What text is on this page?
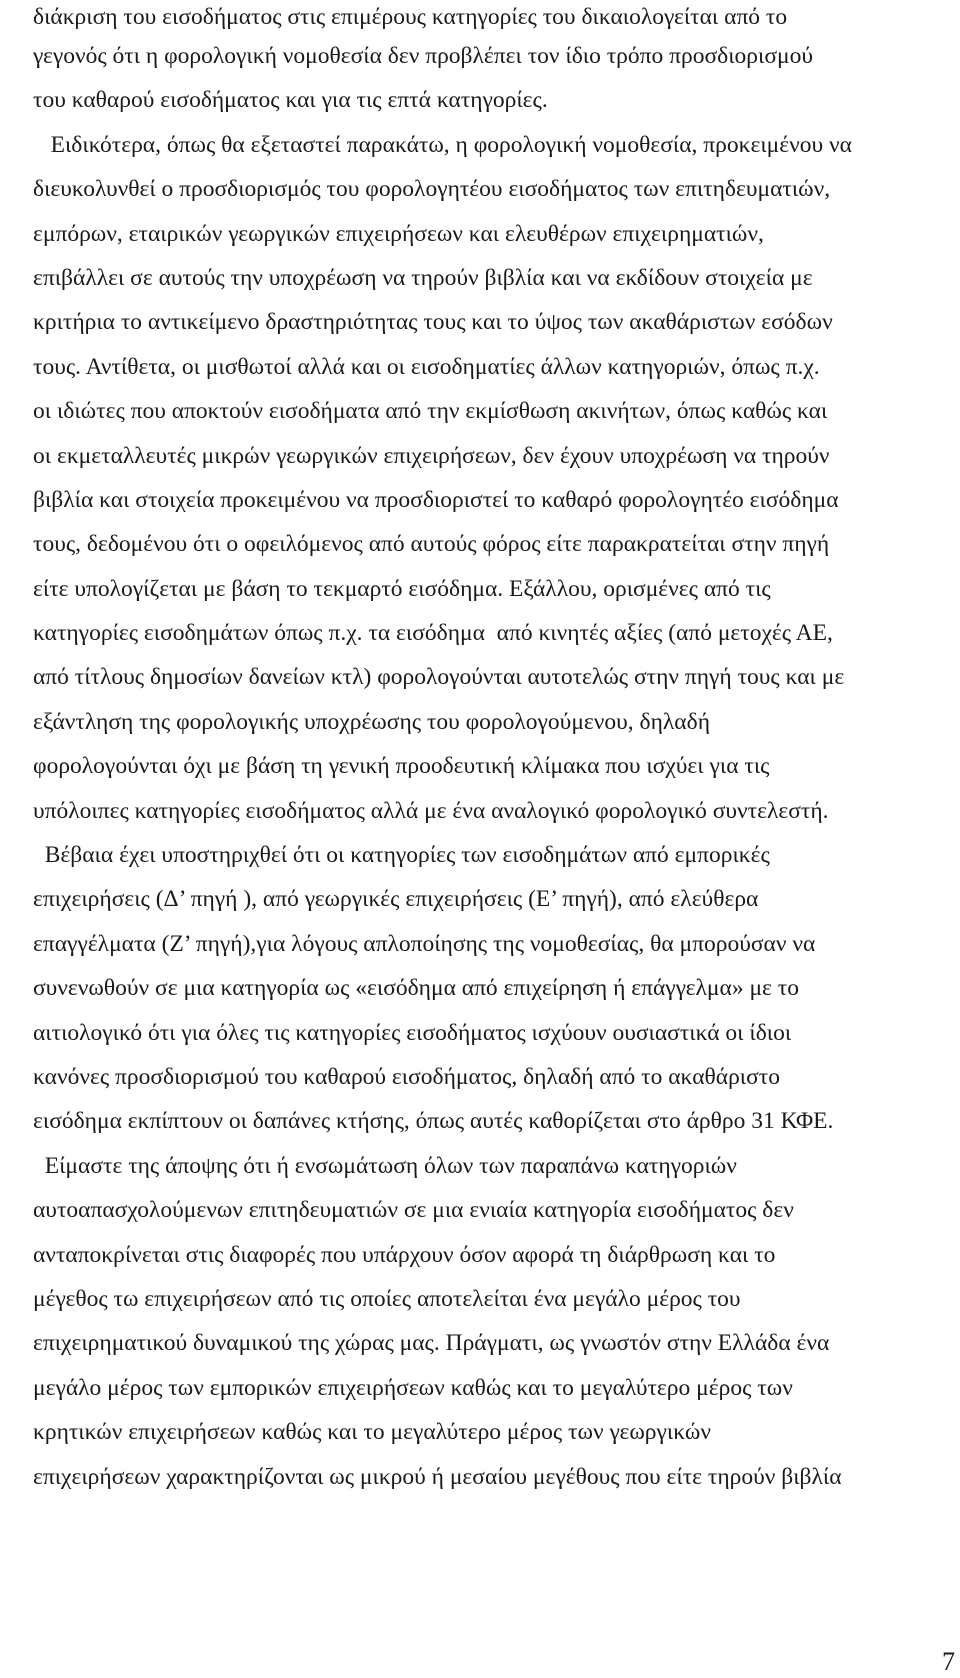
διάκριση του εισοδήματος στις επιμέρους κατηγορίες του δικαιολογείται από το
γεγονός ότι η φορολογική νομοθεσία δεν προβλέπει τον ίδιο τρόπο προσδιορισμού
του καθαρού εισοδήματος και για τις επτά κατηγορίες.
Ειδικότερα, όπως θα εξεταστεί παρακάτω, η φορολογική νομοθεσία, προκειμένου να
διευκολυνθεί ο προσδιορισμός του φορολογητέου εισοδήματος των επιτηδευματιών,
εμπόρων, εταιρικών γεωργικών επιχειρήσεων και ελευθέρων επιχειρηματιών,
επιβάλλει σε αυτούς την υποχρέωση να τηρούν βιβλία και να εκδίδουν στοιχεία με
κριτήρια το αντικείμενο δραστηριότητας τους και το ύψος των ακαθάριστων εσόδων
τους. Αντίθετα, οι μισθωτοί αλλά και οι εισοδηματίες άλλων κατηγοριών, όπως π.χ.
οι ιδιώτες που αποκτούν εισοδήματα από την εκμίσθωση ακινήτων, όπως καθώς και
οι εκμεταλλευτές μικρών γεωργικών επιχειρήσεων, δεν έχουν υποχρέωση να τηρούν
βιβλία και στοιχεία προκειμένου να προσδιοριστεί το καθαρό φορολογητέο εισόδημα
τους, δεδομένου ότι ο οφειλόμενος από αυτούς φόρος είτε παρακρατείται στην πηγή
είτε υπολογίζεται με βάση το τεκμαρτό εισόδημα. Εξάλλου, ορισμένες από τις
κατηγορίες εισοδημάτων όπως π.χ. τα εισόδημα  από κινητές αξίες (από μετοχές ΑΕ,
από τίτλους δημοσίων δανείων κτλ) φορολογούνται αυτοτελώς στην πηγή τους και με
εξάντληση της φορολογικής υποχρέωσης του φορολογούμενου, δηλαδή
φορολογούνται όχι με βάση τη γενική προοδευτική κλίμακα που ισχύει για τις
υπόλοιπες κατηγορίες εισοδήματος αλλά με ένα αναλογικό φορολογικό συντελεστή.
Βέβαια έχει υποστηριχθεί ότι οι κατηγορίες των εισοδημάτων από εμπορικές
επιχειρήσεις (Δ’ πηγή ), από γεωργικές επιχειρήσεις (Ε’ πηγή), από ελεύθερα
επαγγέλματα (Ζ’ πηγή),για λόγους απλοποίησης της νομοθεσίας, θα μπορούσαν να
συνενωθούν σε μια κατηγορία ως «εισόδημα από επιχείρηση ή επάγγελμα» με το
αιτιολογικό ότι για όλες τις κατηγορίες εισοδήματος ισχύουν ουσιαστικά οι ίδιοι
κανόνες προσδιορισμού του καθαρού εισοδήματος, δηλαδή από το ακαθάριστο
εισόδημα εκπίπτουν οι δαπάνες κτήσης, όπως αυτές καθορίζεται στο άρθρο 31 ΚΦΕ.
Είμαστε της άποψης ότι ή ενσωμάτωση όλων των παραπάνω κατηγοριών
αυτοαπασχολούμενων επιτηδευματιών σε μια ενιαία κατηγορία εισοδήματος δεν
ανταποκρίνεται στις διαφορές που υπάρχουν όσον αφορά τη διάρθρωση και το
μέγεθος τω επιχειρήσεων από τις οποίες αποτελείται ένα μεγάλο μέρος του
επιχειρηματικού δυναμικού της χώρας μας. Πράγματι, ως γνωστόν στην Ελλάδα ένα
μεγάλο μέρος των εμπορικών επιχειρήσεων καθώς και το μεγαλύτερο μέρος των
κρητικών επιχειρήσεων καθώς και το μεγαλύτερο μέρος των γεωργικών
επιχειρήσεων χαρακτηρίζονται ως μικρού ή μεσαίου μεγέθους που είτε τηρούν βιβλία
7
